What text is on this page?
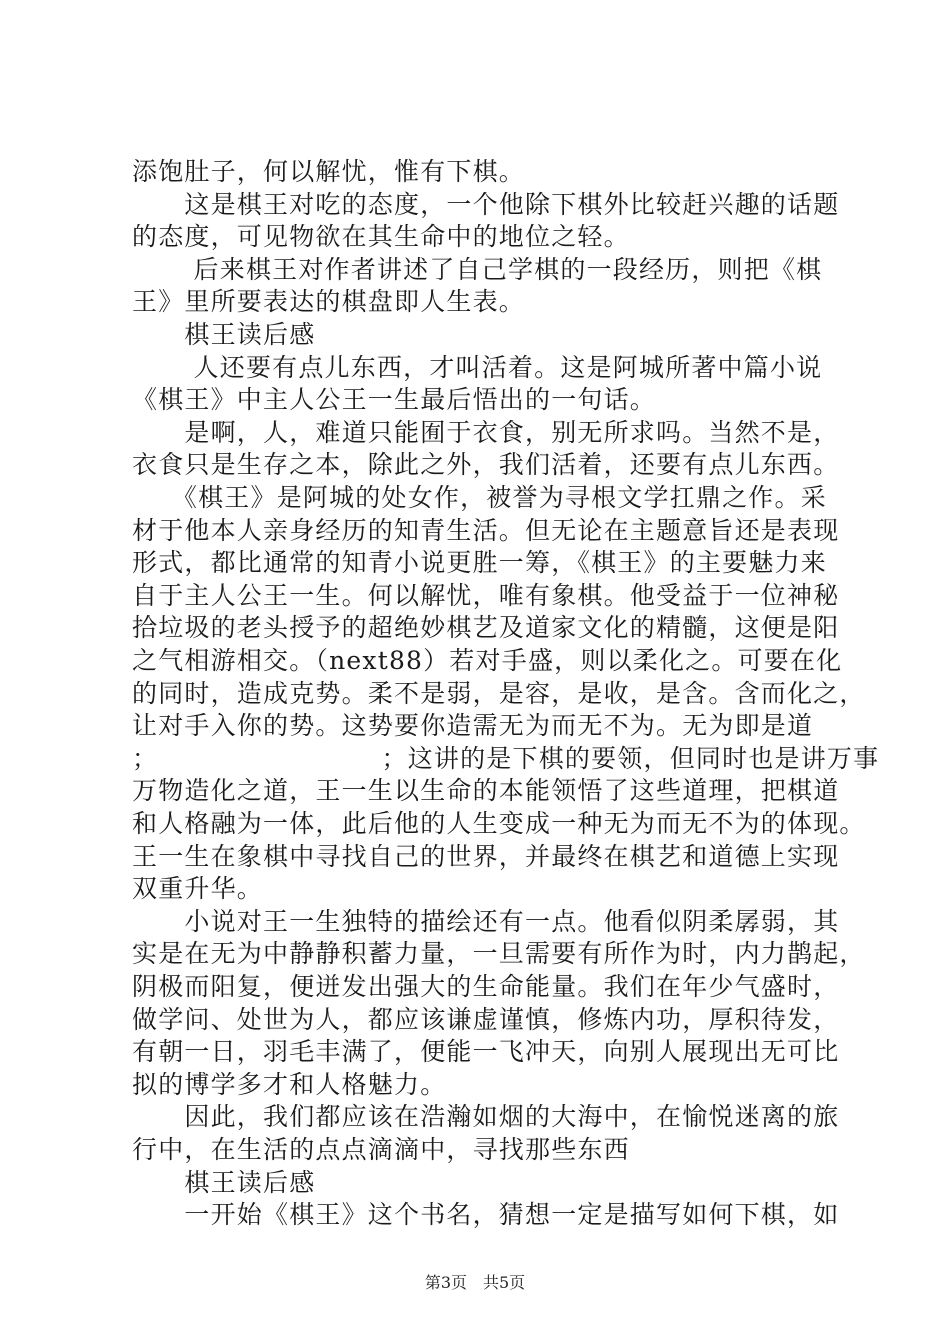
添饱肚子，何以解忧，惟有下棋。
　　这是棋王对吃的态度，一个他除下棋外比较赶兴趣的话题
的态度，可见物欲在其生命中的地位之轻。
　　 后来棋王对作者讲述了自己学棋的一段经历，则把《棋
王》里所要表达的棋盘即人生表。
　　棋王读后感
　　 人还要有点儿东西，才叫活着。这是阿城所著中篇小说
《棋王》中主人公王一生最后悟出的一句话。
　　是啊，人，难道只能囿于衣食，别无所求吗。当然不是，
衣食只是生存之本，除此之外，我们活着，还要有点儿东西。
　　《棋王》是阿城的处女作，被誉为寻根文学扛鼎之作。采
材于他本人亲身经历的知青生活。但无论在主题意旨还是表现
形式，都比通常的知青小说更胜一筹，《棋王》的主要魅力来
自于主人公王一生。何以解忧，唯有象棋。他受益于一位神秘
拾垃圾的老头授予的超绝妙棋艺及道家文化的精髓，这便是阳
之气相游相交。（next88）若对手盛，则以柔化之。可要在化
的同时，造成克势。柔不是弱，是容，是收，是含。含而化之，
让对手入你的势。这势要你造需无为而无不为。无为即是道
；　　　　　　　　　；这讲的是下棋的要领，但同时也是讲万事
万物造化之道，王一生以生命的本能领悟了这些道理，把棋道
和人格融为一体，此后他的人生变成一种无为而无不为的体现。
王一生在象棋中寻找自己的世界，并最终在棋艺和道德上实现
双重升华。
　　小说对王一生独特的描绘还有一点。他看似阴柔孱弱，其
实是在无为中静静积蓄力量，一旦需要有所作为时，内力鹊起，
阴极而阳复，便迸发出强大的生命能量。我们在年少气盛时，
做学问、处世为人，都应该谦虚谨慎，修炼内功，厚积待发，
有朝一日，羽毛丰满了，便能一飞冲天，向别人展现出无可比
拟的博学多才和人格魅力。
　　因此，我们都应该在浩瀚如烟的大海中，在愉悦迷离的旅
行中，在生活的点点滴滴中，寻找那些东西
　　棋王读后感
　　一开始《棋王》这个书名，猜想一定是描写如何下棋，如
第3页　共5页
